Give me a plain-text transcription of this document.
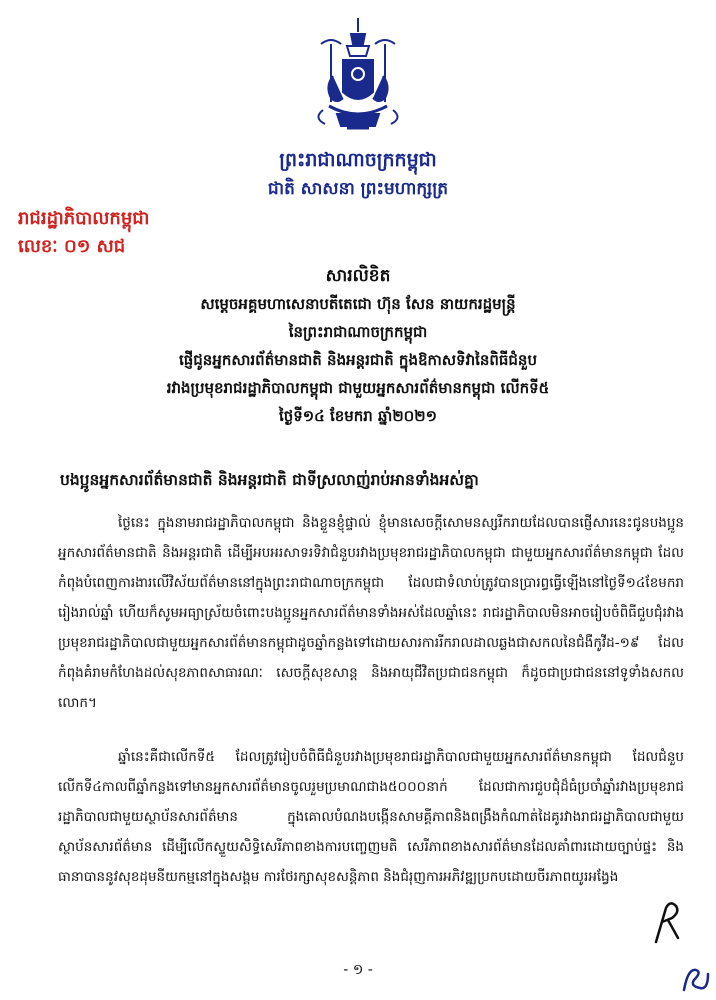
ព្រះរាជាណាចក្រកម្ពុជា
ជាតិ សាសនា ព្រះមហាក្សត្រ
រាជរដ្ឋាភិបាលកម្ពុជា
លេខៈ ០១ សជ
សារលិខិត
សម្តេចអគ្គមហាសេនាបតីតេជោ ហ៊ុន សែន នាយករដ្ឋមន្ត្រី
នៃព្រះរាជាណាចក្រកម្ពុជា
ផ្ញើជូនអ្នកសារព័ត៌មានជាតិ និងអន្តរជាតិ ក្នុងឱកាសទិវានៃពិធីជំនួប
រវាងប្រមុខរាជរដ្ឋាភិបាលកម្ពុជា ជាមួយអ្នកសារព័ត៌មានកម្ពុជា លើកទី៥
ថ្ងៃទី១៤ ខែមករា ឆ្នាំ២០២១
បងប្អូនអ្នកសារព័ត៌មានជាតិ និងអន្តរជាតិ ជាទីស្រលាញ់រាប់អានទាំងអស់គ្នា
ថ្ងៃនេះ ក្នុងនាមរាជរដ្ឋាភិបាលកម្ពុជា និងខ្លួនខ្ញុំផ្ទាល់ ខ្ញុំមានសេចក្តីសោមនស្សរីករាយដែលបានផ្ញើសារនេះជូនបងប្អូនអ្នកសារព័ត៌មានជាតិ និងអន្តរជាតិ ដើម្បីអបអរសាទរទិវាជំនួបរវាងប្រមុខរាជរដ្ឋាភិបាលកម្ពុជា ជាមួយអ្នកសារព័ត៌មានកម្ពុជា ដែលកំពុងបំពេញការងារលើវិស័យព័ត៌មាននៅក្នុងព្រះរាជាណាចក្រកម្ពុជា ដែលជាទំលាប់ត្រូវបានប្រារព្ធធ្វើឡើងនៅថ្ងៃទី១៤ខែមករារៀងរាល់ឆ្នាំ ហើយក៏សូមអធ្យាស្រ័យចំពោះបងប្អូនអ្នកសារព័ត៌មានទាំងអស់ដែលឆ្នាំនេះ រាជរដ្ឋាភិបាលមិនអាចរៀបចំពិធីជួបជុំរវាងប្រមុខរាជរដ្ឋាភិបាលជាមួយអ្នកសារព័ត៌មានកម្ពុជាដូចឆ្នាំកន្លងទៅដោយសារការរីករាលដាលឆ្លងជាសកលនៃជំងឺកូវីដ-១៩ ដែលកំពុងគំរាមកំហែងដល់សុខភាពសាធារណៈ សេចក្តីសុខសាន្ត និងអាយុជីវិតប្រជាជនកម្ពុជា ក៏ដូចជាប្រជាជននៅទូទាំងសកលលោក។
ឆ្នាំនេះគឺជាលើកទី៥ ដែលត្រូវរៀបចំពិធីជំនួបរវាងប្រមុខរាជរដ្ឋាភិបាលជាមួយអ្នកសារព័ត៌មានកម្ពុជា ដែលជំនួបលើកទី៤កាលពីឆ្នាំកន្លងទៅមានអ្នកសារព័ត៌មានចូលរួមប្រមាណជាង៥០០០នាក់ ដែលជាការជួបជុំដ៏ធំប្រចាំឆ្នាំរវាងប្រមុខរាជរដ្ឋាភិបាលជាមួយស្ថាប័នសារព័ត៌មាន ក្នុងគោលបំណងបង្កើនសាមគ្គីភាពនិងពង្រឹងកំណាត់ដៃគូរវាងរាជរដ្ឋាភិបាលជាមួយស្ថាប័នសារព័ត៌មាន ដើម្បីលើកស្ទួយសិទ្ធិសេរីភាពខាងការបញ្ចេញមតិ សេរីភាពខាងសារព័ត៌មានដែលគាំពារដោយច្បាប់ផ្ទះ និងធានាបាននូវសុខដុមនីយកម្មនៅក្នុងសង្គម ការថែរក្សាសុខសន្តិភាព និងជំរុញការអភិវឌ្ឍប្រកបដោយចីរភាពយូរអង្វែង
- ១ -
